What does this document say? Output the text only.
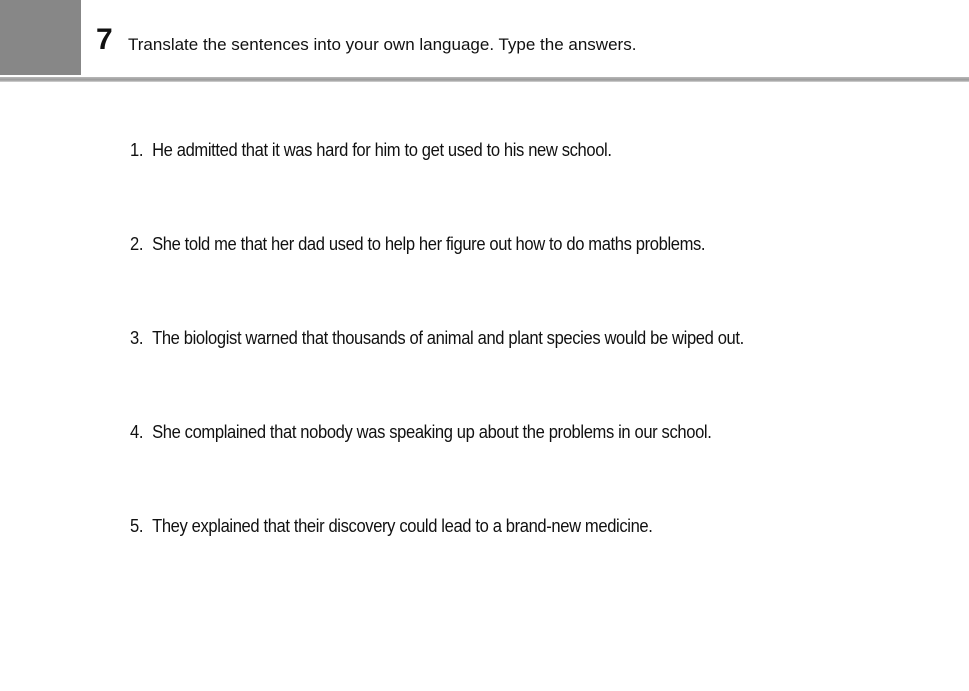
7 Translate the sentences into your own language. Type the answers.
1. He admitted that it was hard for him to get used to his new school.
2. She told me that her dad used to help her figure out how to do maths problems.
3. The biologist warned that thousands of animal and plant species would be wiped out.
4. She complained that nobody was speaking up about the problems in our school.
5. They explained that their discovery could lead to a brand-new medicine.
